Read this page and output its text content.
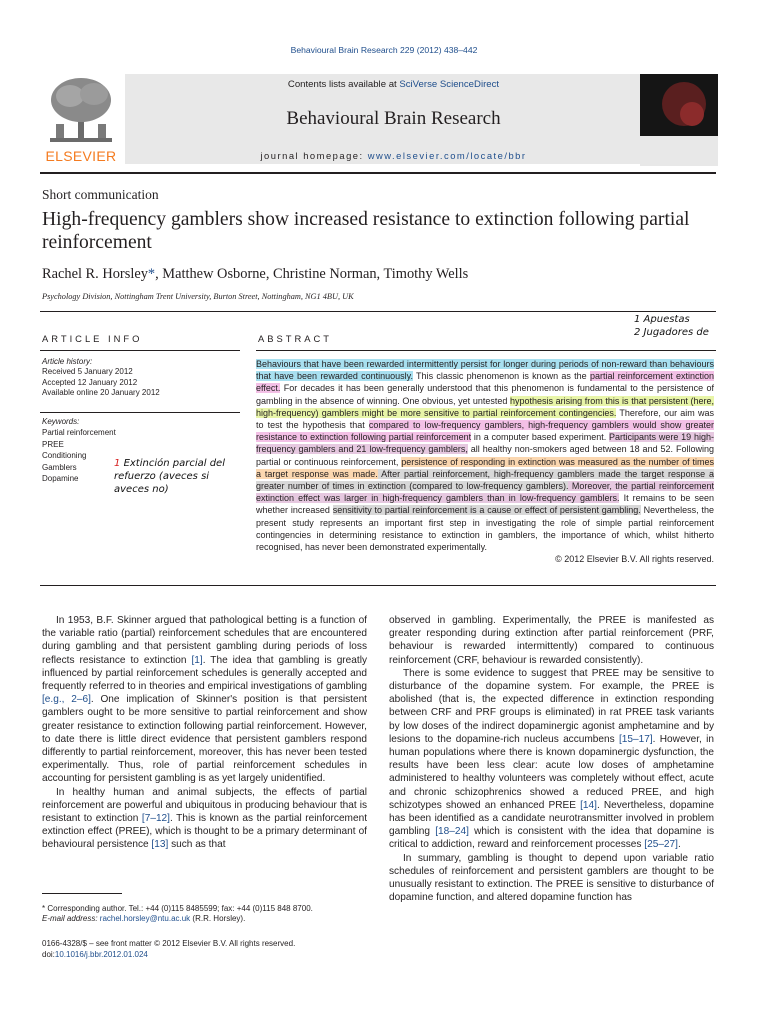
Behavioural Brain Research 229 (2012) 438–442
ELSEVIER
Contents lists available at SciVerse ScienceDirect
Behavioural Brain Research
journal homepage: www.elsevier.com/locate/bbr
Short communication
High-frequency gamblers show increased resistance to extinction following partial reinforcement
Rachel R. Horsley*, Matthew Osborne, Christine Norman, Timothy Wells
Psychology Division, Nottingham Trent University, Burton Street, Nottingham, NG1 4BU, UK
ARTICLE INFO	ABSTRACT
Article history:
Received 5 January 2012
Accepted 12 January 2012
Available online 20 January 2012
Keywords:
Partial reinforcement
PREE
Conditioning
Gamblers
Dopamine
1 Extinción parcial del refuerzo (aveces si aveces no)
1 Apuestas
2 Jugadores de
Behaviours that have been rewarded intermittently persist for longer during periods of non-reward than behaviours that have been rewarded continuously. This classic phenomenon is known as the partial reinforcement extinction effect. For decades it has been generally understood that this phenomenon is fundamental to the persistence of gambling in the absence of winning. One obvious, yet untested hypothesis arising from this is that persistent (here, high-frequency) gamblers might be more sensitive to partial reinforcement contingencies. Therefore, our aim was to test the hypothesis that compared to low-frequency gamblers, high-frequency gamblers would show greater resistance to extinction following partial reinforcement in a computer based experiment. Participants were 19 high-frequency gamblers and 21 low-frequency gamblers, all healthy non-smokers aged between 18 and 52. Following partial or continuous reinforcement, persistence of responding in extinction was measured as the number of times a target response was made. After partial reinforcement, high-frequency gamblers made the target response a greater number of times in extinction (compared to low-frequency gamblers). Moreover, the partial reinforcement extinction effect was larger in high-frequency gamblers than in low-frequency gamblers. It remains to be seen whether increased sensitivity to partial reinforcement is a cause or effect of persistent gambling. Nevertheless, the present study represents an important first step in investigating the role of simple partial reinforcement contingencies in determining resistance to extinction in gamblers, the importance of which, whilst hitherto recognised, has never been demonstrated experimentally.
© 2012 Elsevier B.V. All rights reserved.

In 1953, B.F. Skinner argued that pathological betting is a function of the variable ratio (partial) reinforcement schedules that are encountered during gambling and that persistent gambling during periods of loss reflects resistance to extinction [1]. The idea that gambling is greatly influenced by partial reinforcement schedules is generally accepted and frequently referred to in theories and empirical investigations of gambling [e.g., 2–6]. One implication of Skinner's position is that persistent gamblers ought to be more sensitive to partial reinforcement and show greater resistance to extinction following partial reinforcement. However, to date there is little direct evidence that persistent gamblers respond differently to partial reinforcement, moreover, this has never been tested experimentally. Thus, role of partial reinforcement schedules in accounting for persistent gambling is as yet largely unidentified.

In healthy human and animal subjects, the effects of partial reinforcement are powerful and ubiquitous in producing behaviour that is resistant to extinction [7–12]. This is known as the partial reinforcement extinction effect (PREE), which is thought to be a primary determinant of behavioural persistence [13] such as that

observed in gambling. Experimentally, the PREE is manifested as greater responding during extinction after partial reinforcement (PRF, behaviour is rewarded intermittently) compared to continuous reinforcement (CRF, behaviour is rewarded consistently).

There is some evidence to suggest that PREE may be sensitive to disturbance of the dopamine system. For example, the PREE is abolished (that is, the expected difference in extinction responding between CRF and PRF groups is eliminated) in rat PREE task variants by low doses of the indirect dopaminergic agonist amphetamine and by lesions to the dopamine-rich nucleus accumbens [15–17]. However, in human populations where there is known dopaminergic dysfunction, the results have been less clear: acute low doses of amphetamine administered to healthy volunteers was completely without effect, acute and chronic schizophrenics showed a reduced PREE, and high schizotypes showed an enhanced PREE [14]. Nevertheless, dopamine has been identified as a candidate neurotransmitter involved in problem gambling [18–24] which is consistent with the idea that dopamine is critical to addiction, reward and reinforcement processes [25–27].

In summary, gambling is thought to depend upon variable ratio schedules of reinforcement and persistent gamblers are thought to be unusually resistant to extinction. The PREE is sensitive to disturbance of dopamine function, and altered dopamine function has

* Corresponding author. Tel.: +44 (0)115 8485599; fax: +44 (0)115 848 8700.
E-mail address: rachel.horsley@ntu.ac.uk (R.R. Horsley).
0166-4328/$ – see front matter © 2012 Elsevier B.V. All rights reserved.
doi:10.1016/j.bbr.2012.01.024
